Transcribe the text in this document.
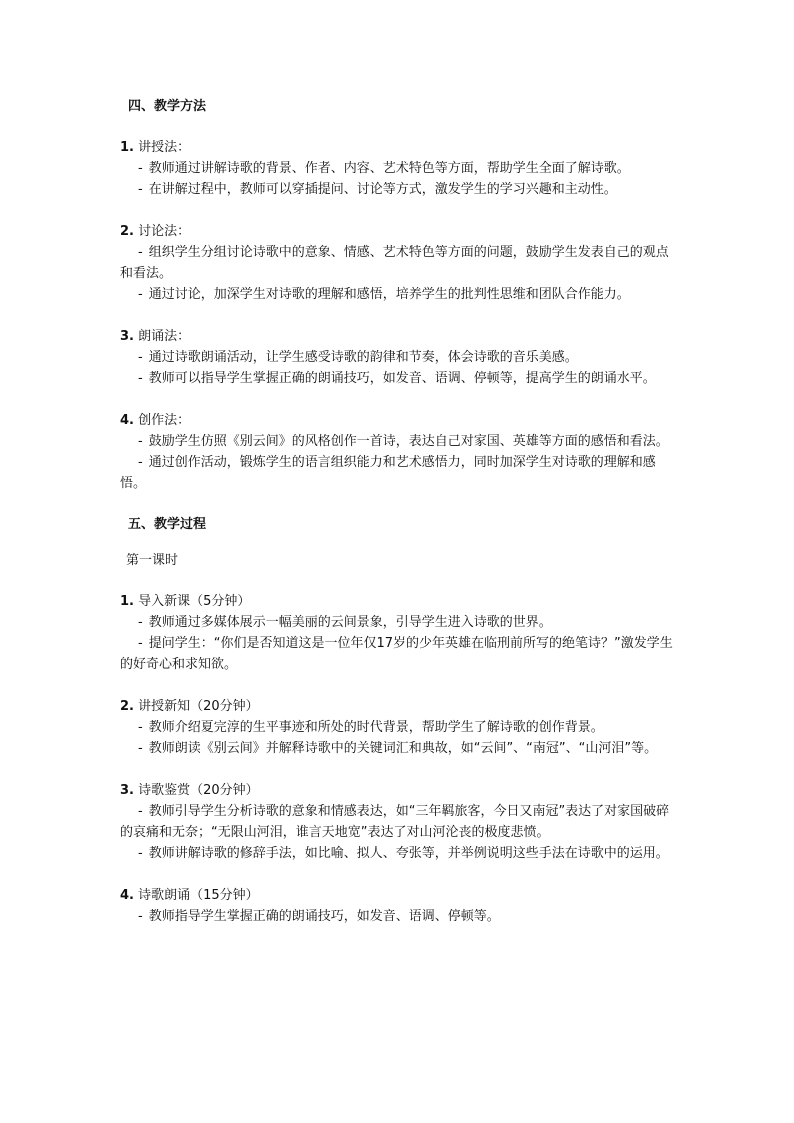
四、教学方法
1. 讲授法：
- 教师通过讲解诗歌的背景、作者、内容、艺术特色等方面，帮助学生全面了解诗歌。
- 在讲解过程中，教师可以穿插提问、讨论等方式，激发学生的学习兴趣和主动性。
2. 讨论法：
- 组织学生分组讨论诗歌中的意象、情感、艺术特色等方面的问题，鼓励学生发表自己的观点和看法。
- 通过讨论，加深学生对诗歌的理解和感悟，培养学生的批判性思维和团队合作能力。
3. 朗诵法：
- 通过诗歌朗诵活动，让学生感受诗歌的韵律和节奏，体会诗歌的音乐美感。
- 教师可以指导学生掌握正确的朗诵技巧，如发音、语调、停顿等，提高学生的朗诵水平。
4. 创作法：
- 鼓励学生仿照《别云间》的风格创作一首诗，表达自己对家国、英雄等方面的感悟和看法。
- 通过创作活动，锻炼学生的语言组织能力和艺术感悟力，同时加深学生对诗歌的理解和感悟。
五、教学过程
第一课时
1. 导入新课（5分钟）
- 教师通过多媒体展示一幅美丽的云间景象，引导学生进入诗歌的世界。
- 提问学生：“你们是否知道这是一位年仅17岁的少年英雄在临刑前所写的绝笔诗？”激发学生的好奇心和求知欲。
2. 讲授新知（20分钟）
- 教师介绍夏完淳的生平事迹和所处的时代背景，帮助学生了解诗歌的创作背景。
- 教师朗读《别云间》并解释诗歌中的关键词汇和典故，如“云间”、“南冠”、“山河泪”等。
3. 诗歌鉴赏（20分钟）
- 教师引导学生分析诗歌的意象和情感表达，如“三年羁旅客，今日又南冠”表达了对家国破碎的哀痛和无奈；“无限山河泪，谁言天地宽”表达了对山河沦丧的极度悲愤。
- 教师讲解诗歌的修辞手法，如比喻、拟人、夸张等，并举例说明这些手法在诗歌中的运用。
4. 诗歌朗诵（15分钟）
- 教师指导学生掌握正确的朗诵技巧，如发音、语调、停顿等。
